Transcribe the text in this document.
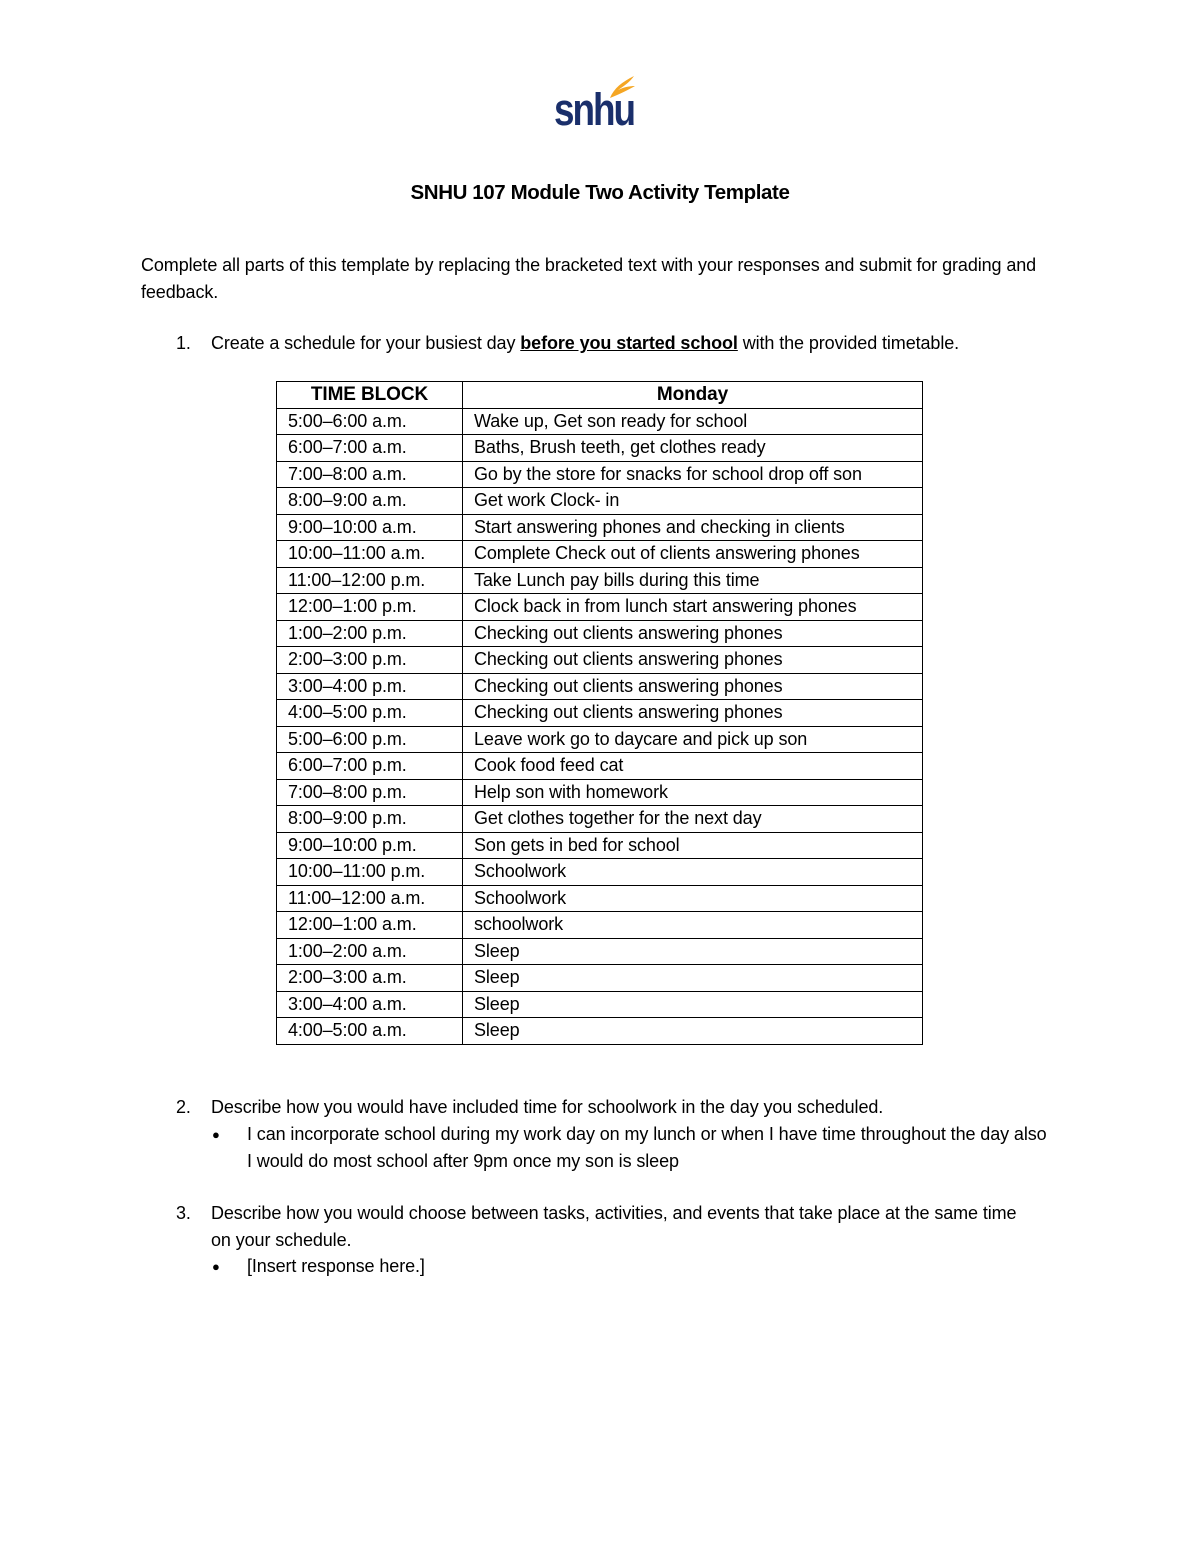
snhu
SNHU 107 Module Two Activity Template
Complete all parts of this template by replacing the bracketed text with your responses and submit for grading and feedback.
1. Create a schedule for your busiest day before you started school with the provided timetable.
TIME BLOCK	Monday
5:00–6:00 a.m.	Wake up, Get son ready for school
6:00–7:00 a.m.	Baths, Brush teeth, get clothes ready
7:00–8:00 a.m.	Go by the store for snacks for school drop off son
8:00–9:00 a.m.	Get work Clock- in
9:00–10:00 a.m.	Start answering phones and checking in clients
10:00–11:00 a.m.	Complete Check out of clients answering phones
11:00–12:00 p.m.	Take Lunch pay bills during this time
12:00–1:00 p.m.	Clock back in from lunch start answering phones
1:00–2:00 p.m.	Checking out clients answering phones
2:00–3:00 p.m.	Checking out clients answering phones
3:00–4:00 p.m.	Checking out clients answering phones
4:00–5:00 p.m.	Checking out clients answering phones
5:00–6:00 p.m.	Leave work go to daycare and pick up son
6:00–7:00 p.m.	Cook food feed cat
7:00–8:00 p.m.	Help son with homework
8:00–9:00 p.m.	Get clothes together for the next day
9:00–10:00 p.m.	Son gets in bed for school
10:00–11:00 p.m.	Schoolwork
11:00–12:00 a.m.	Schoolwork
12:00–1:00 a.m.	schoolwork
1:00–2:00 a.m.	Sleep
2:00–3:00 a.m.	Sleep
3:00–4:00 a.m.	Sleep
4:00–5:00 a.m.	Sleep
2. Describe how you would have included time for schoolwork in the day you scheduled.
● I can incorporate school during my work day on my lunch or when I have time throughout the day also I would do most school after 9pm once my son is sleep
3. Describe how you would choose between tasks, activities, and events that take place at the same time on your schedule.
● [Insert response here.]
